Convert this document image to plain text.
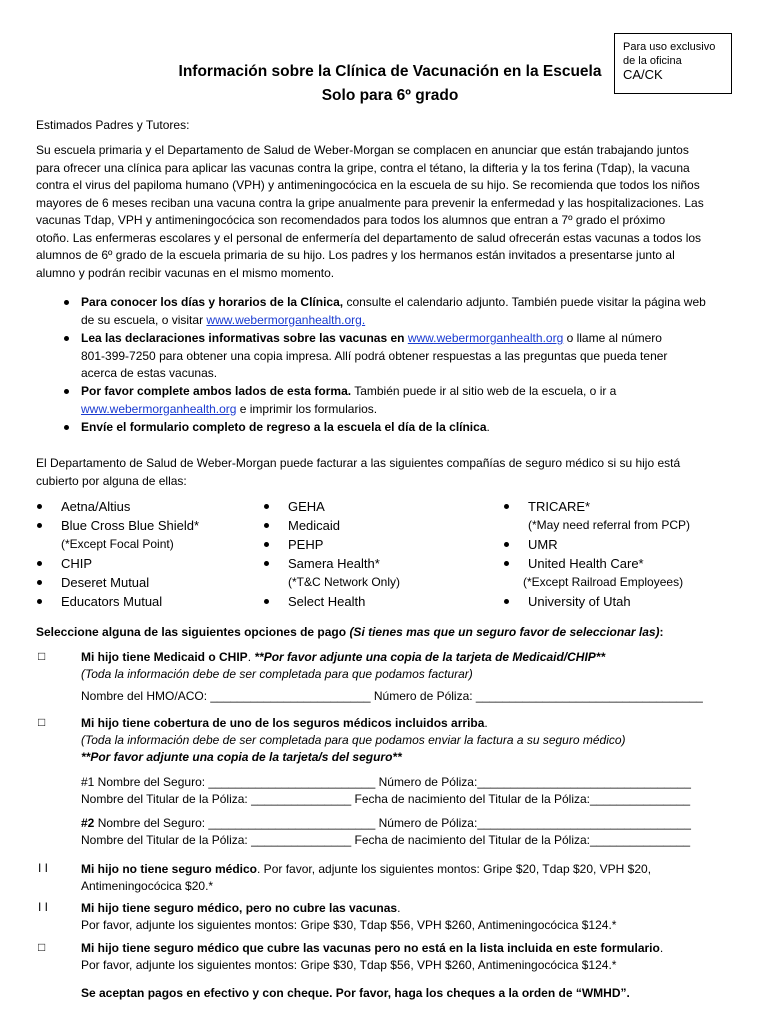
Para uso exclusivo
de la oficina
CA/CK
Información sobre la Clínica de Vacunación en la Escuela
Solo para 6º grado
Estimados Padres y Tutores:
Su escuela primaria y el Departamento de Salud de Weber-Morgan se complacen en anunciar que están trabajando juntos
para ofrecer una clínica para aplicar las vacunas contra la gripe, contra el tétano, la difteria y la tos ferina (Tdap), la vacuna
contra el virus del papiloma humano (VPH) y antimeningocócica en la escuela de su hijo. Se recomienda que todos los niños
mayores de 6 meses reciban una vacuna contra la gripe anualmente para prevenir la enfermedad y las hospitalizaciones. Las
vacunas Tdap, VPH y antimeningocócica son recomendados para todos los alumnos que entran a 7º grado el próximo
otoño. Las enfermeras escolares y el personal de enfermería del departamento de salud ofrecerán estas vacunas a todos los
alumnos de 6º grado de la escuela primaria de su hijo. Los padres y los hermanos están invitados a presentarse junto al
alumno y podrán recibir vacunas en el mismo momento.
Para conocer los días y horarios de la Clínica, consulte el calendario adjunto. También puede visitar la página web
de su escuela, o visitar www.webermorganhealth.org.
Lea las declaraciones informativas sobre las vacunas en www.webermorganhealth.org o llame al número
801-399-7250 para obtener una copia impresa. Allí podrá obtener respuestas a las preguntas que pueda tener
acerca de estas vacunas.
Por favor complete ambos lados de esta forma. También puede ir al sitio web de la escuela, o ir a
www.webermorganhealth.org e imprimir los formularios.
Envíe el formulario completo de regreso a la escuela el día de la clínica.
El Departamento de Salud de Weber-Morgan puede facturar a las siguientes compañías de seguro médico si su hijo está
cubierto por alguna de ellas:
Aetna/Altius
Blue Cross Blue Shield*
(*Except Focal Point)
CHIP
Deseret Mutual
Educators Mutual
GEHA
Medicaid
PEHP
Samera Health*
(*T&C Network Only)
Select Health
TRICARE*
(*May need referral from PCP)
UMR
United Health Care*
(*Except Railroad Employees)
University of Utah
Seleccione alguna de las siguientes opciones de pago (Si tienes mas que un seguro favor de seleccionar las):
□	Mi hijo tiene Medicaid o CHIP. **Por favor adjunte una copia de la tarjeta de Medicaid/CHIP**
(Toda la información debe de ser completada para que podamos facturar)
Nombre del HMO/ACO: ________________________ Número de Póliza: __________________________________
□	Mi hijo tiene cobertura de uno de los seguros médicos incluidos arriba.
(Toda la información debe de ser completada para que podamos enviar la factura a su seguro médico)
**Por favor adjunte una copia de la tarjeta/s del seguro**
#1 Nombre del Seguro: _________________________ Número de Póliza:________________________________
Nombre del Titular de la Póliza: _______________ Fecha de nacimiento del Titular de la Póliza:_______________
#2 Nombre del Seguro: _________________________ Número de Póliza:________________________________
Nombre del Titular de la Póliza: _______________ Fecha de nacimiento del Titular de la Póliza:_______________
I I	Mi hijo no tiene seguro médico. Por favor, adjunte los siguientes montos: Gripe $20, Tdap $20, VPH $20,
Antimeningocócica $20.*
I I	Mi hijo tiene seguro médico, pero no cubre las vacunas.
Por favor, adjunte los siguientes montos: Gripe $30, Tdap $56, VPH $260, Antimeningocócica $124.*
□	Mi hijo tiene seguro médico que cubre las vacunas pero no está en la lista incluida en este formulario.
Por favor, adjunte los siguientes montos: Gripe $30, Tdap $56, VPH $260, Antimeningocócica $124.*
Se aceptan pagos en efectivo y con cheque. Por favor, haga los cheques a la orden de “WMHD”.
